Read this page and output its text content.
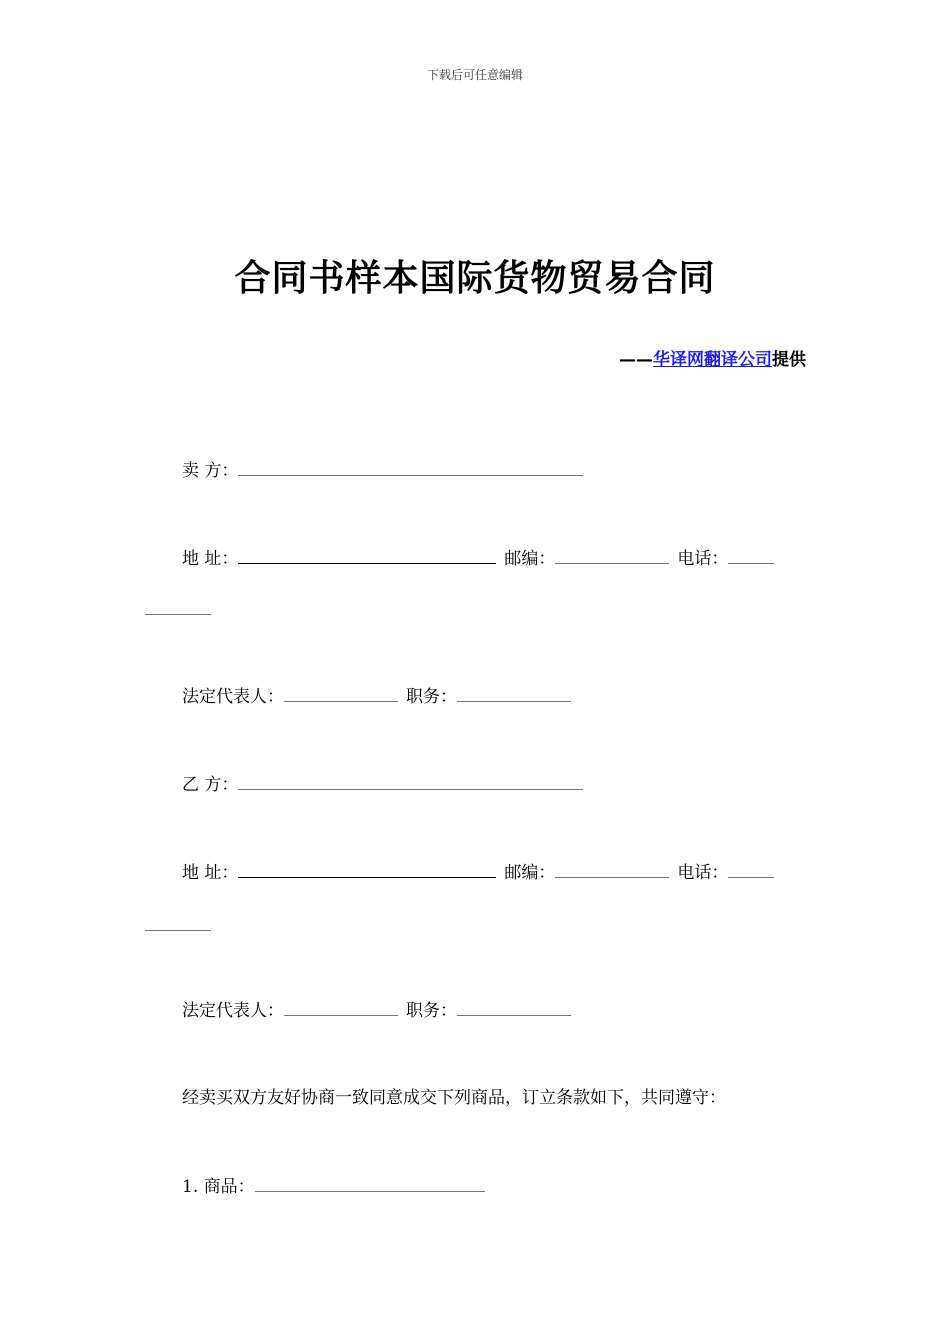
下载后可任意编辑
合同书样本国际货物贸易合同
——华译网翻译公司提供
卖 方：
地 址：	邮编：	电话：
法定代表人：	职务：
乙 方：
地 址：	邮编：	电话：
法定代表人：	职务：
经卖买双方友好协商一致同意成交下列商品，订立条款如下，共同遵守：
1. 商品：
